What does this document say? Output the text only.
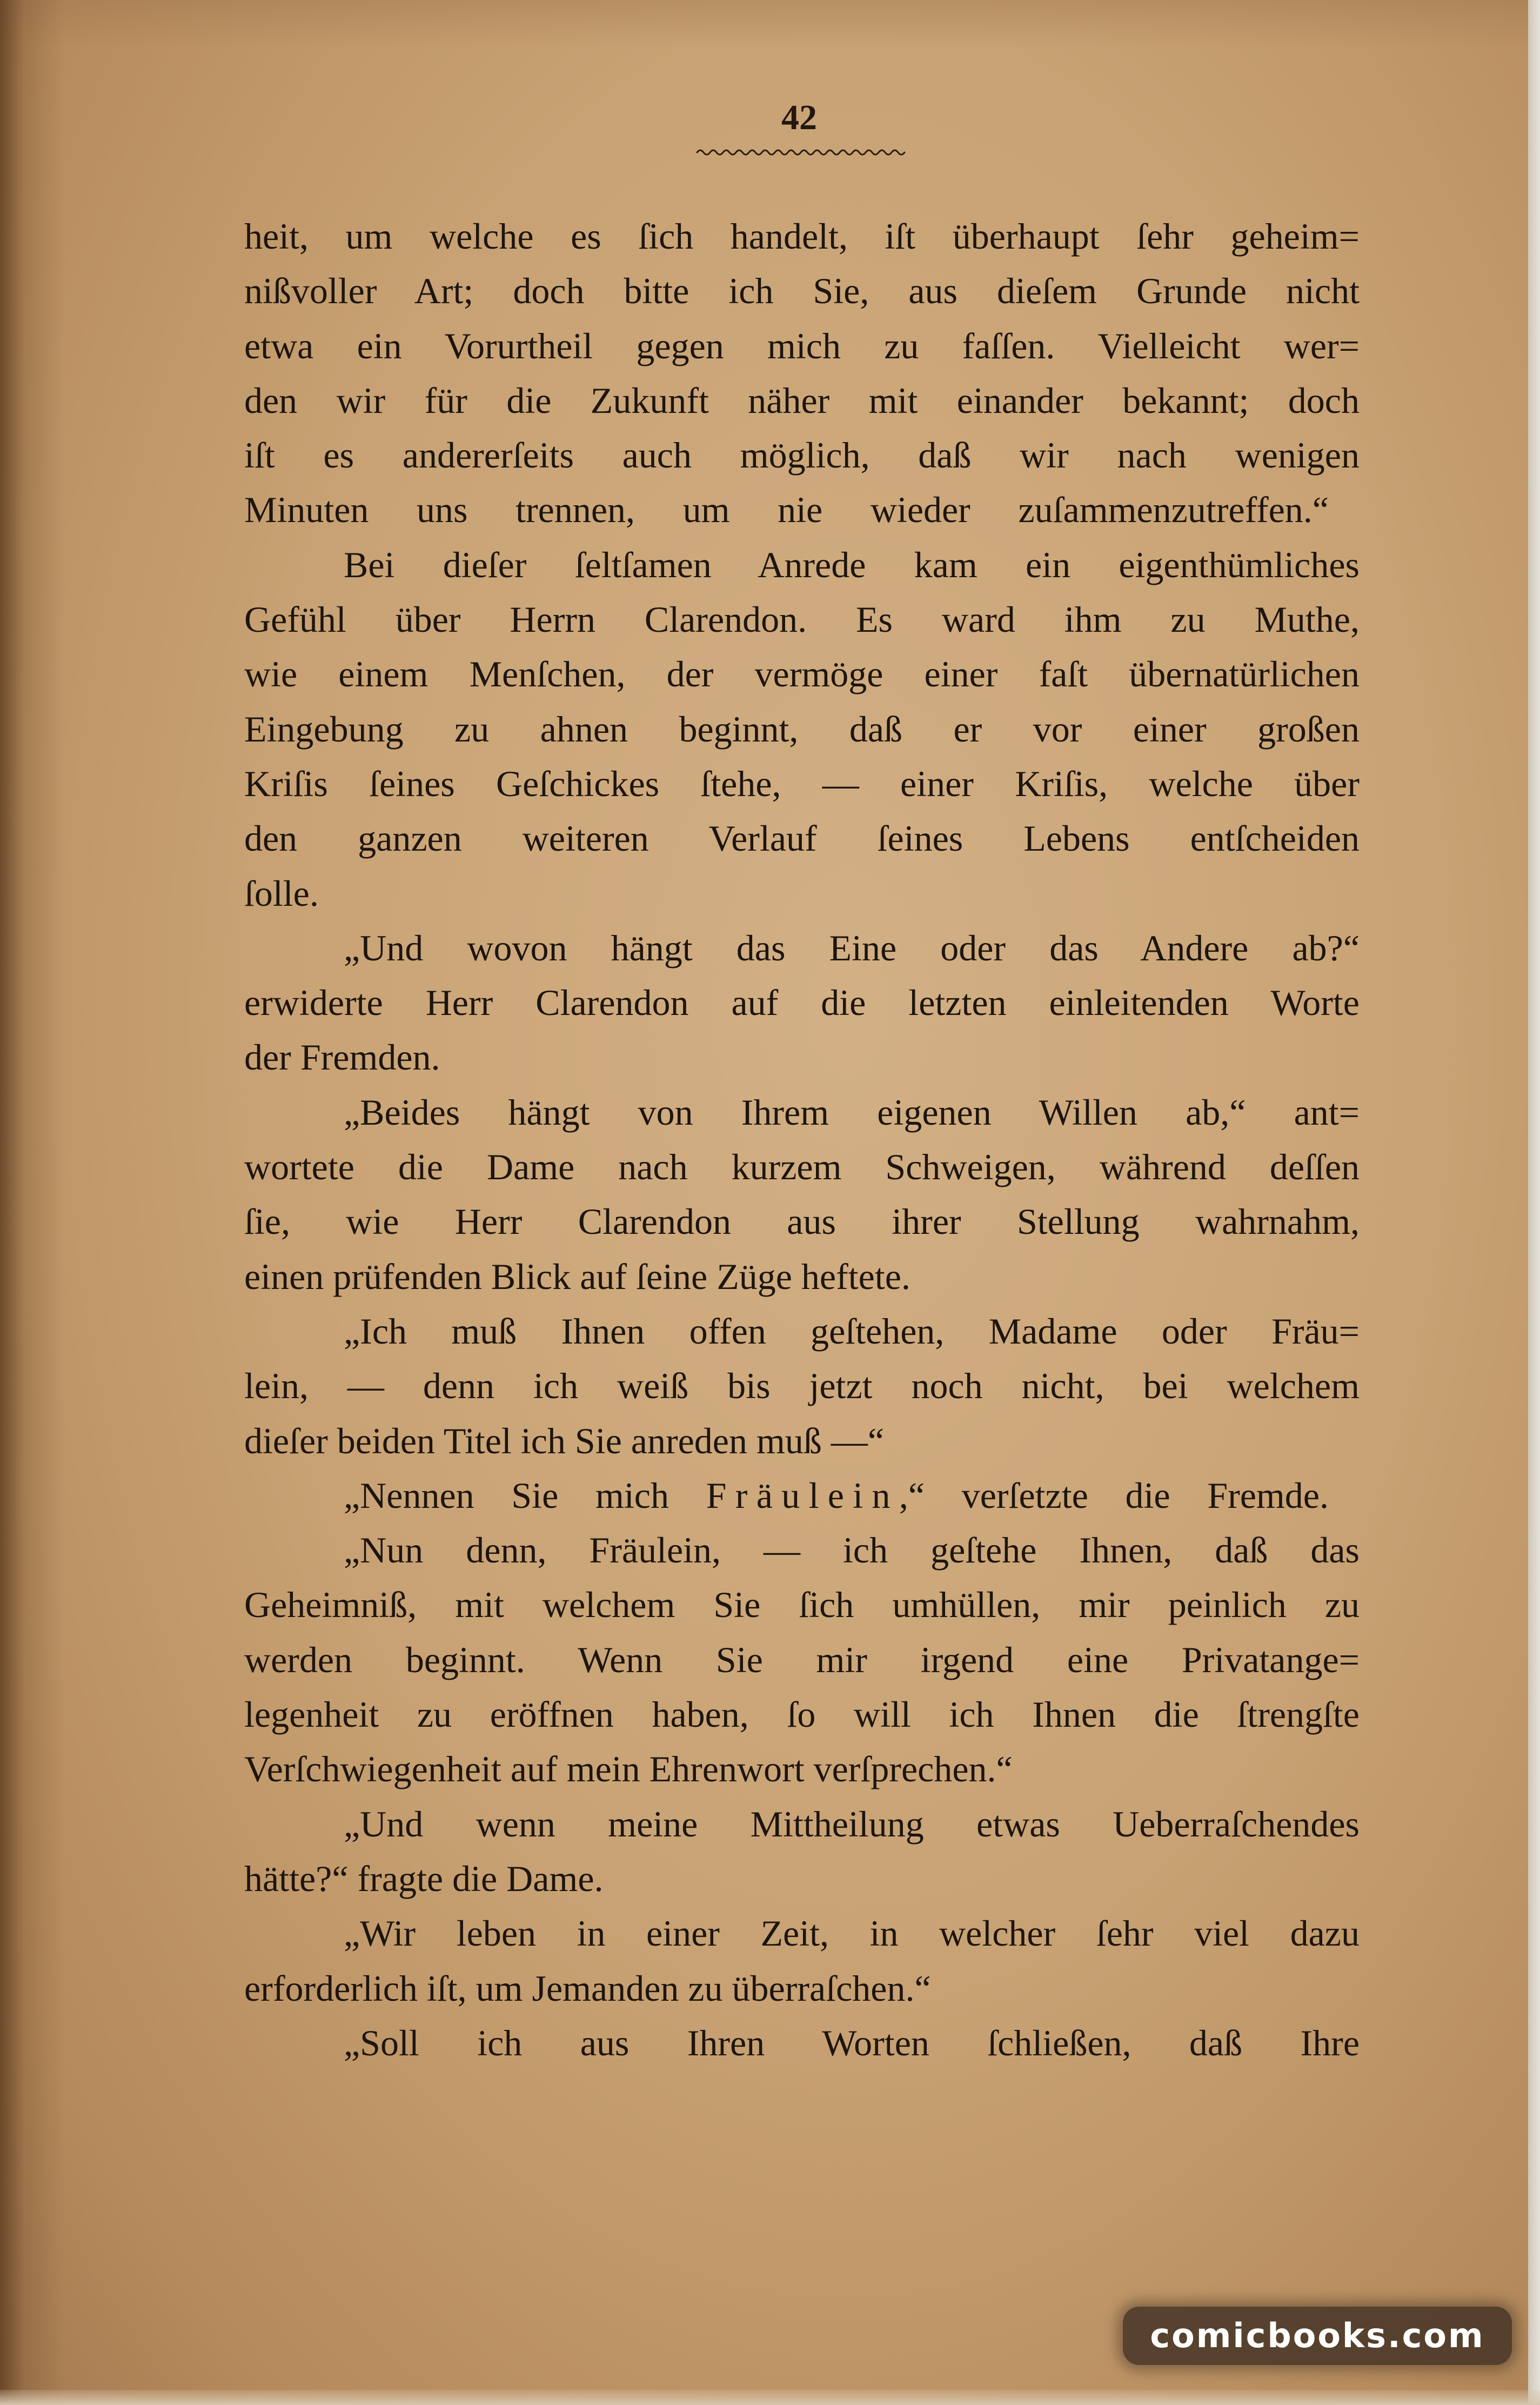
42
heit, um welche es ſich handelt, iſt überhaupt ſehr geheim=
nißvoller Art; doch bitte ich Sie, aus dieſem Grunde nicht
etwa ein Vorurtheil gegen mich zu faſſen. Vielleicht wer=
den wir für die Zukunft näher mit einander bekannt; doch
iſt es andererſeits auch möglich, daß wir nach wenigen
Minuten uns trennen, um nie wieder zuſammenzutreffen.“
Bei dieſer ſeltſamen Anrede kam ein eigenthümliches
Gefühl über Herrn Clarendon. Es ward ihm zu Muthe,
wie einem Menſchen, der vermöge einer faſt übernatürlichen
Eingebung zu ahnen beginnt, daß er vor einer großen
Kriſis ſeines Geſchickes ſtehe, — einer Kriſis, welche über
den ganzen weiteren Verlauf ſeines Lebens entſcheiden
ſolle.
„Und wovon hängt das Eine oder das Andere ab?“
erwiderte Herr Clarendon auf die letzten einleitenden Worte
der Fremden.
„Beides hängt von Ihrem eigenen Willen ab,“ ant=
wortete die Dame nach kurzem Schweigen, während deſſen
ſie, wie Herr Clarendon aus ihrer Stellung wahrnahm,
einen prüfenden Blick auf ſeine Züge heftete.
„Ich muß Ihnen offen geſtehen, Madame oder Fräu=
lein, — denn ich weiß bis jetzt noch nicht, bei welchem
dieſer beiden Titel ich Sie anreden muß —“
„Nennen Sie mich Fräulein,“ verſetzte die Fremde.
„Nun denn, Fräulein, — ich geſtehe Ihnen, daß das
Geheimniß, mit welchem Sie ſich umhüllen, mir peinlich zu
werden beginnt. Wenn Sie mir irgend eine Privatange=
legenheit zu eröffnen haben, ſo will ich Ihnen die ſtrengſte
Verſchwiegenheit auf mein Ehrenwort verſprechen.“
„Und wenn meine Mittheilung etwas Ueberraſchendes
hätte?“ fragte die Dame.
„Wir leben in einer Zeit, in welcher ſehr viel dazu
erforderlich iſt, um Jemanden zu überraſchen.“
„Soll ich aus Ihren Worten ſchließen, daß Ihre
comicbooks.com
